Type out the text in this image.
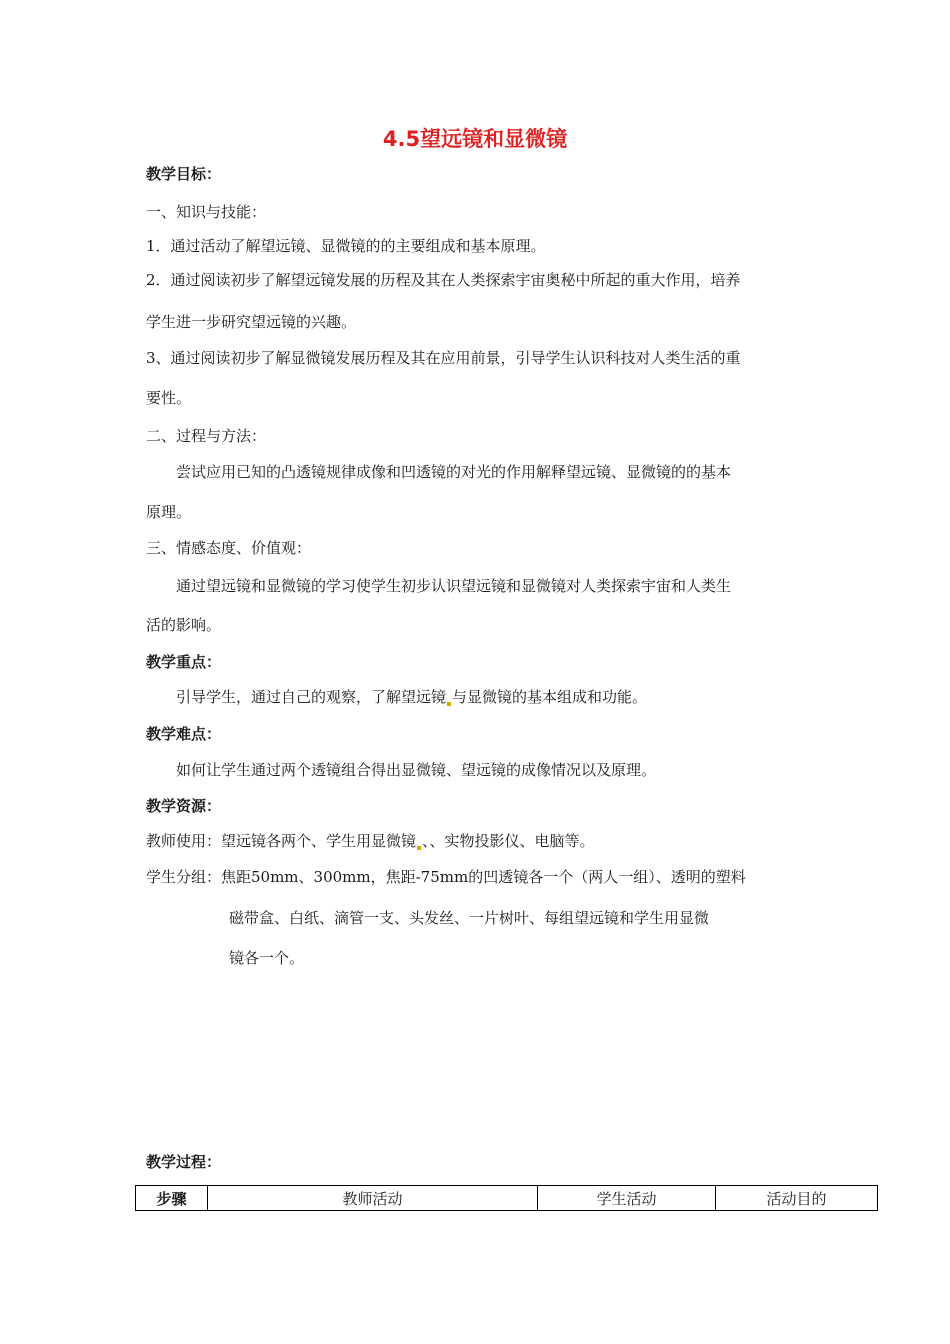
4.5望远镜和显微镜
教学目标：
一、知识与技能：
1．通过活动了解望远镜、显微镜的的主要组成和基本原理。
2．通过阅读初步了解望远镜发展的历程及其在人类探索宇宙奥秘中所起的重大作用，培养
学生进一步研究望远镜的兴趣。
3、通过阅读初步了解显微镜发展历程及其在应用前景，引导学生认识科技对人类生活的重
要性。
二、过程与方法：
尝试应用已知的凸透镜规律成像和凹透镜的对光的作用解释望远镜、显微镜的的基本
原理。
三、情感态度、价值观：
通过望远镜和显微镜的学习使学生初步认识望远镜和显微镜对人类探索宇宙和人类生
活的影响。
教学重点：
引导学生，通过自己的观察，了解望远镜 与显微镜的基本组成和功能。
教学难点：
如何让学生通过两个透镜组合得出显微镜、望远镜的成像情况以及原理。
教学资源：
教师使用：望远镜各两个、学生用显微镜 、、实物投影仪、电脑等。
学生分组：焦距50mm、300mm，焦距-75mm的凹透镜各一个（两人一组）、透明的塑料
磁带盒、白纸、滴管一支、头发丝、一片树叶、每组望远镜和学生用显微
镜各一个。
教学过程：
步骤	教师活动	学生活动	活动目的
